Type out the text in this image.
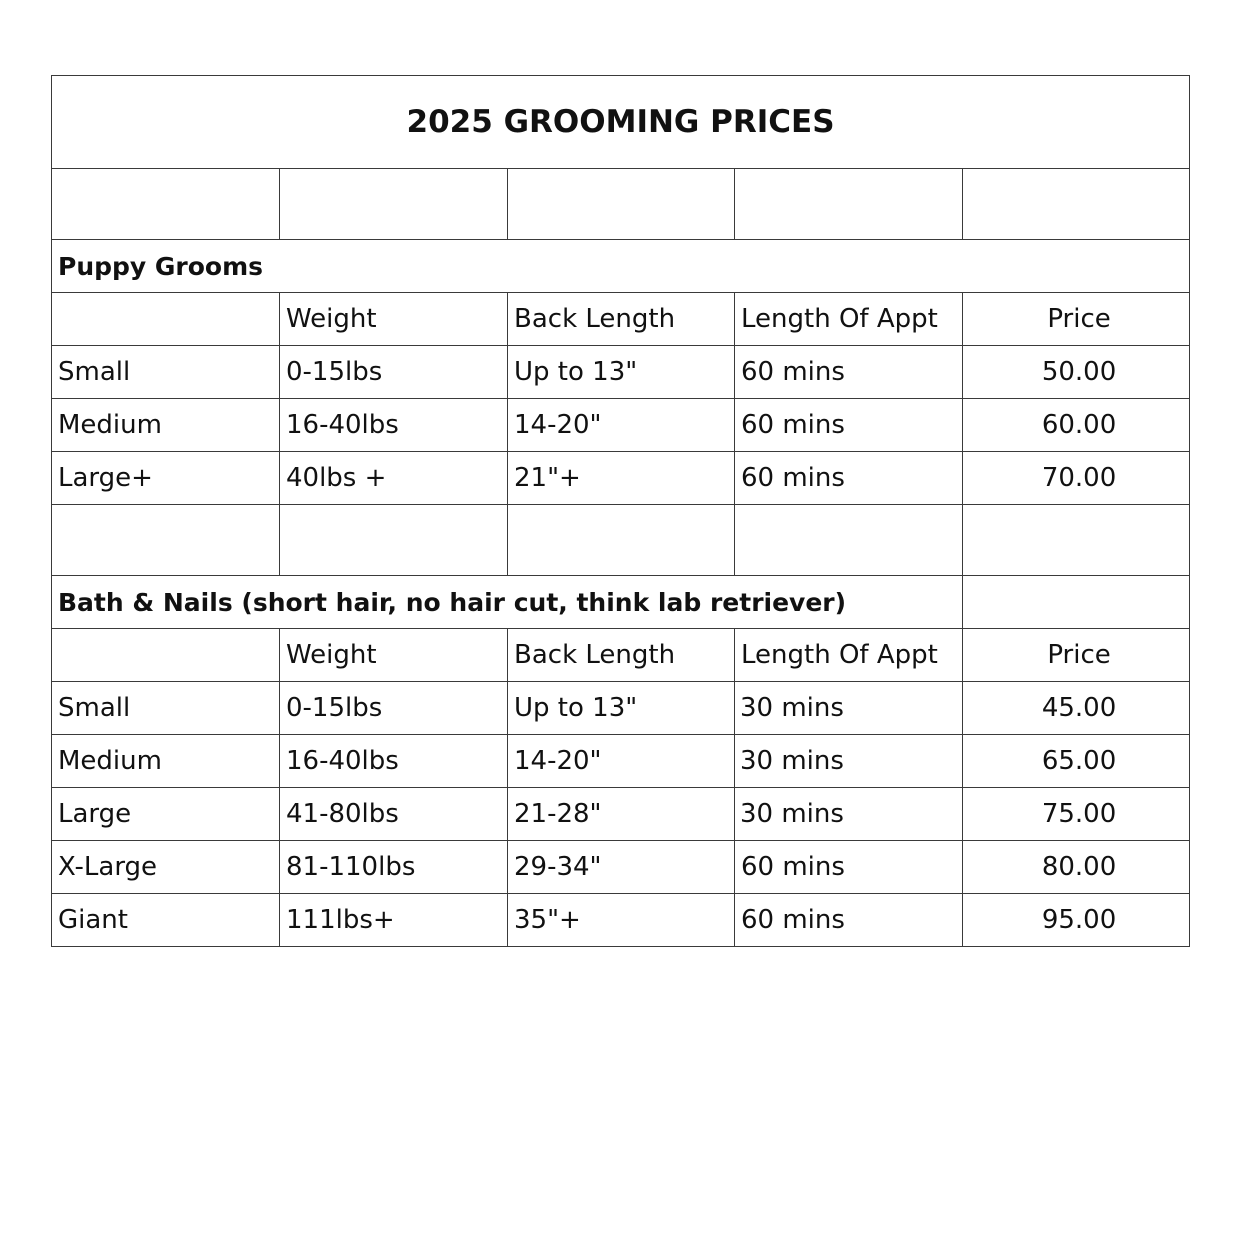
2025 GROOMING PRICES				

Puppy Grooms				
	Weight	Back Length	Length Of Appt	Price
Small	0-15lbs	Up to 13"	60 mins	50.00
Medium	16-40lbs	14-20"	60 mins	60.00
Large+	40lbs +	21"+	60 mins	70.00

Bath & Nails (short hair, no hair cut, think lab retriever)				
	Weight	Back Length	Length Of Appt	Price
Small	0-15lbs	Up to 13"	30 mins	45.00
Medium	16-40lbs	14-20"	30 mins	65.00
Large	41-80lbs	21-28"	30 mins	75.00
X-Large	81-110lbs	29-34"	60 mins	80.00
Giant	111lbs+	35"+	60 mins	95.00
